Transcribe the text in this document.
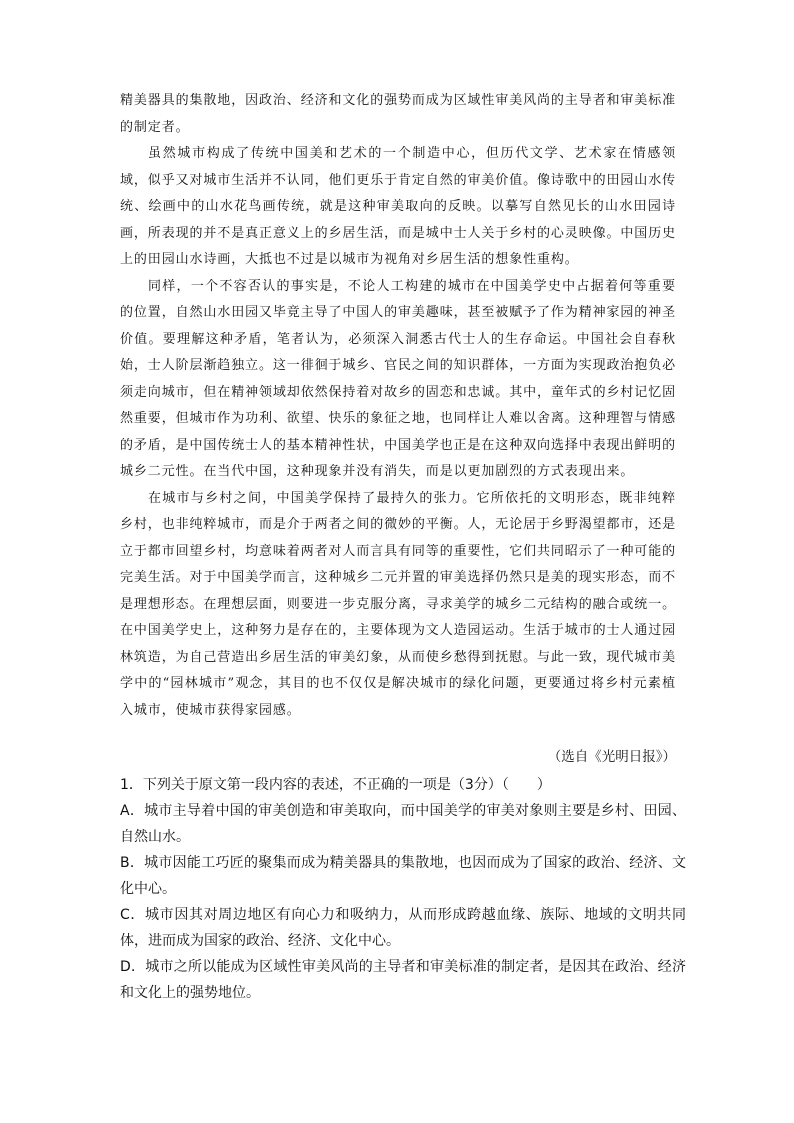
精美器具的集散地，因政治、经济和文化的强势而成为区域性审美风尚的主导者和审美标准的制定者。

虽然城市构成了传统中国美和艺术的一个制造中心，但历代文学、艺术家在情感领域，似乎又对城市生活并不认同，他们更乐于肯定自然的审美价值。像诗歌中的田园山水传统、绘画中的山水花鸟画传统，就是这种审美取向的反映。以摹写自然见长的山水田园诗画，所表现的并不是真正意义上的乡居生活，而是城中士人关于乡村的心灵映像。中国历史上的田园山水诗画，大抵也不过是以城市为视角对乡居生活的想象性重构。

同样，一个不容否认的事实是，不论人工构建的城市在中国美学史中占据着何等重要的位置，自然山水田园又毕竟主导了中国人的审美趣味，甚至被赋予了作为精神家园的神圣价值。要理解这种矛盾，笔者认为，必须深入洞悉古代士人的生存命运。中国社会自春秋始，士人阶层渐趋独立。这一徘徊于城乡、官民之间的知识群体，一方面为实现政治抱负必须走向城市，但在精神领域却依然保持着对故乡的固恋和忠诚。其中，童年式的乡村记忆固然重要，但城市作为功利、欲望、快乐的象征之地，也同样让人难以舍离。这种理智与情感的矛盾，是中国传统士人的基本精神性状，中国美学也正是在这种双向选择中表现出鲜明的城乡二元性。在当代中国，这种现象并没有消失，而是以更加剧烈的方式表现出来。

在城市与乡村之间，中国美学保持了最持久的张力。它所依托的文明形态，既非纯粹乡村，也非纯粹城市，而是介于两者之间的微妙的平衡。人，无论居于乡野渴望都市，还是立于都市回望乡村，均意味着两者对人而言具有同等的重要性，它们共同昭示了一种可能的完美生活。对于中国美学而言，这种城乡二元并置的审美选择仍然只是美的现实形态，而不是理想形态。在理想层面，则要进一步克服分离，寻求美学的城乡二元结构的融合或统一。在中国美学史上，这种努力是存在的，主要体现为文人造园运动。生活于城市的士人通过园林筑造，为自己营造出乡居生活的审美幻象，从而使乡愁得到抚慰。与此一致，现代城市美学中的“园林城市”观念，其目的也不仅仅是解决城市的绿化问题，更要通过将乡村元素植入城市，使城市获得家园感。

（选自《光明日报》）

1．下列关于原文第一段内容的表述，不正确的一项是（3分）（　　）

A．城市主导着中国的审美创造和审美取向，而中国美学的审美对象则主要是乡村、田园、自然山水。

B．城市因能工巧匠的聚集而成为精美器具的集散地，也因而成为了国家的政治、经济、文化中心。

C．城市因其对周边地区有向心力和吸纳力，从而形成跨越血缘、族际、地域的文明共同体，进而成为国家的政治、经济、文化中心。

D．城市之所以能成为区域性审美风尚的主导者和审美标准的制定者，是因其在政治、经济和文化上的强势地位。
